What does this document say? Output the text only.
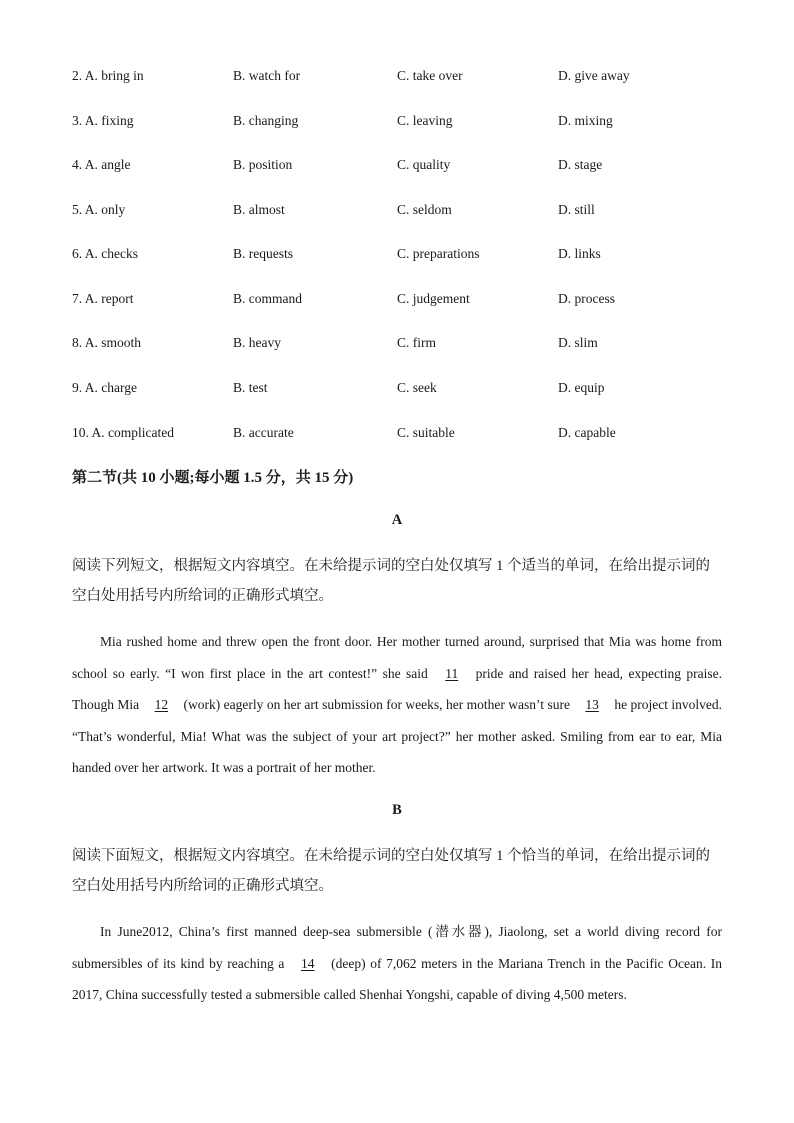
2. A. bring in	B. watch for	C. take over	D. give away
3. A. fixing	B. changing	C. leaving	D. mixing
4. A. angle	B. position	C. quality	D. stage
5. A. only	B. almost	C. seldom	D. still
6. A. checks	B. requests	C. preparations	D. links
7. A. report	B. command	C. judgement	D. process
8. A. smooth	B. heavy	C. firm	D. slim
9. A. charge	B. test	C. seek	D. equip
10. A. complicated	B. accurate	C. suitable	D. capable
第二节(共 10 小题;每小题 1.5 分，共 15 分)
A
阅读下列短文，根据短文内容填空。在未给提示词的空白处仅填写 1 个适当的单词，在给出提示词的空白处用括号内所给词的正确形式填空。
Mia rushed home and threw open the front door. Her mother turned around, surprised that Mia was home from school so early. “I won first place in the art contest!” she said 11 pride and raised her head, expecting praise. Though Mia 12 (work) eagerly on her art submission for weeks, her mother wasn’t sure 13 he project involved. “That’s wonderful, Mia! What was the subject of your art project?” her mother asked. Smiling from ear to ear, Mia handed over her artwork. It was a portrait of her mother.
B
阅读下面短文，根据短文内容填空。在未给提示词的空白处仅填写 1 个恰当的单词，在给出提示词的空白处用括号内所给词的正确形式填空。
In June2012, China’s first manned deep-sea submersible (潜水器), Jiaolong, set a world diving record for submersibles of its kind by reaching a 14 (deep) of 7,062 meters in the Mariana Trench in the Pacific Ocean. In 2017, China successfully tested a submersible called Shenhai Yongshi, capable of diving 4,500 meters.
